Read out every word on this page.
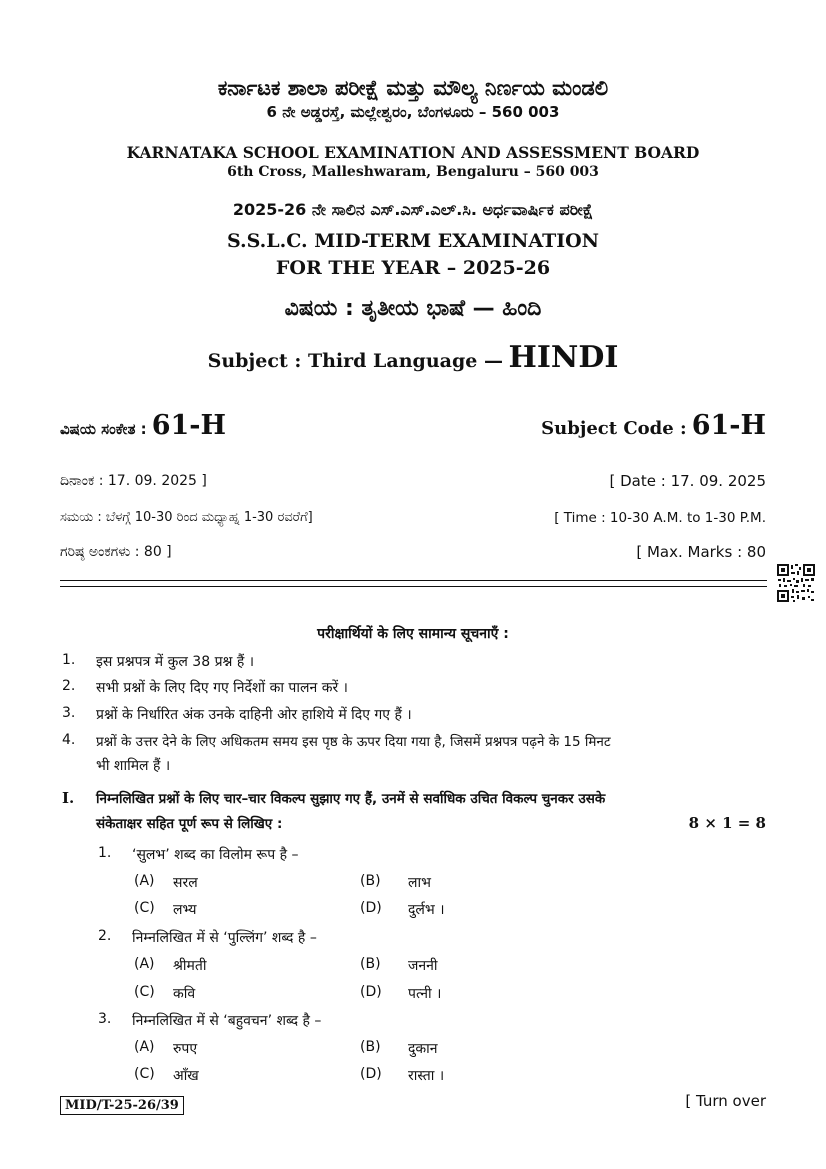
ಕರ್ನಾಟಕ ಶಾಲಾ ಪರೀಕ್ಷೆ ಮತ್ತು ಮೌಲ್ಯ ನಿರ್ಣಯ ಮಂಡಲಿ
6 ನೇ ಅಡ್ಡರಸ್ತೆ, ಮಲ್ಲೇಶ್ವರಂ, ಬೆಂಗಳೂರು – 560 003
KARNATAKA SCHOOL EXAMINATION AND ASSESSMENT BOARD
6th Cross, Malleshwaram, Bengaluru – 560 003
2025-26 ನೇ ಸಾಲಿನ ಎಸ್.ಎಸ್.ಎಲ್.ಸಿ. ಅರ್ಧವಾರ್ಷಿಕ ಪರೀಕ್ಷೆ
S.S.L.C. MID-TERM EXAMINATION
FOR THE YEAR – 2025-26
ವಿಷಯ : ತೃತೀಯ ಭಾಷೆ — ಹಿಂದಿ
Subject : Third Language — HINDI
ವಿಷಯ ಸಂಕೇತ : 61-H	Subject Code : 61-H
ದಿನಾಂಕ : 17. 09. 2025 ]	[ Date : 17. 09. 2025
ಸಮಯ : ಬೆಳಗ್ಗೆ 10-30 ರಿಂದ ಮಧ್ಯಾಹ್ನ 1-30 ರವರೆಗೆ]	[ Time : 10-30 A.M. to 1-30 P.M.
ಗರಿಷ್ಠ ಅಂಕಗಳು : 80 ]	[ Max. Marks : 80
परीक्षार्थियों के लिए सामान्य सूचनाएँ :
1. इस प्रश्नपत्र में कुल 38 प्रश्न हैं ।
2. सभी प्रश्नों के लिए दिए गए निर्देशों का पालन करें ।
3. प्रश्नों के निर्धारित अंक उनके दाहिनी ओर हाशिये में दिए गए हैं ।
4. प्रश्नों के उत्तर देने के लिए अधिकतम समय इस पृष्ठ के ऊपर दिया गया है, जिसमें प्रश्नपत्र पढ़ने के 15 मिनट
भी शामिल हैं ।
I. निम्नलिखित प्रश्नों के लिए चार–चार विकल्प सुझाए गए हैं, उनमें से सर्वाधिक उचित विकल्प चुनकर उसके
संकेताक्षर सहित पूर्ण रूप से लिखिए :	8 × 1 = 8
1. ‘सुलभ’ शब्द का विलोम रूप है –
(A) सरल	(B) लाभ
(C) लभ्य	(D) दुर्लभ ।
2. निम्नलिखित में से ‘पुल्लिंग’ शब्द है –
(A) श्रीमती	(B) जननी
(C) कवि	(D) पत्नी ।
3. निम्नलिखित में से ‘बहुवचन’ शब्द है –
(A) रुपए	(B) दुकान
(C) आँख	(D) रास्ता ।
MID/T-25-26/39	[ Turn over
